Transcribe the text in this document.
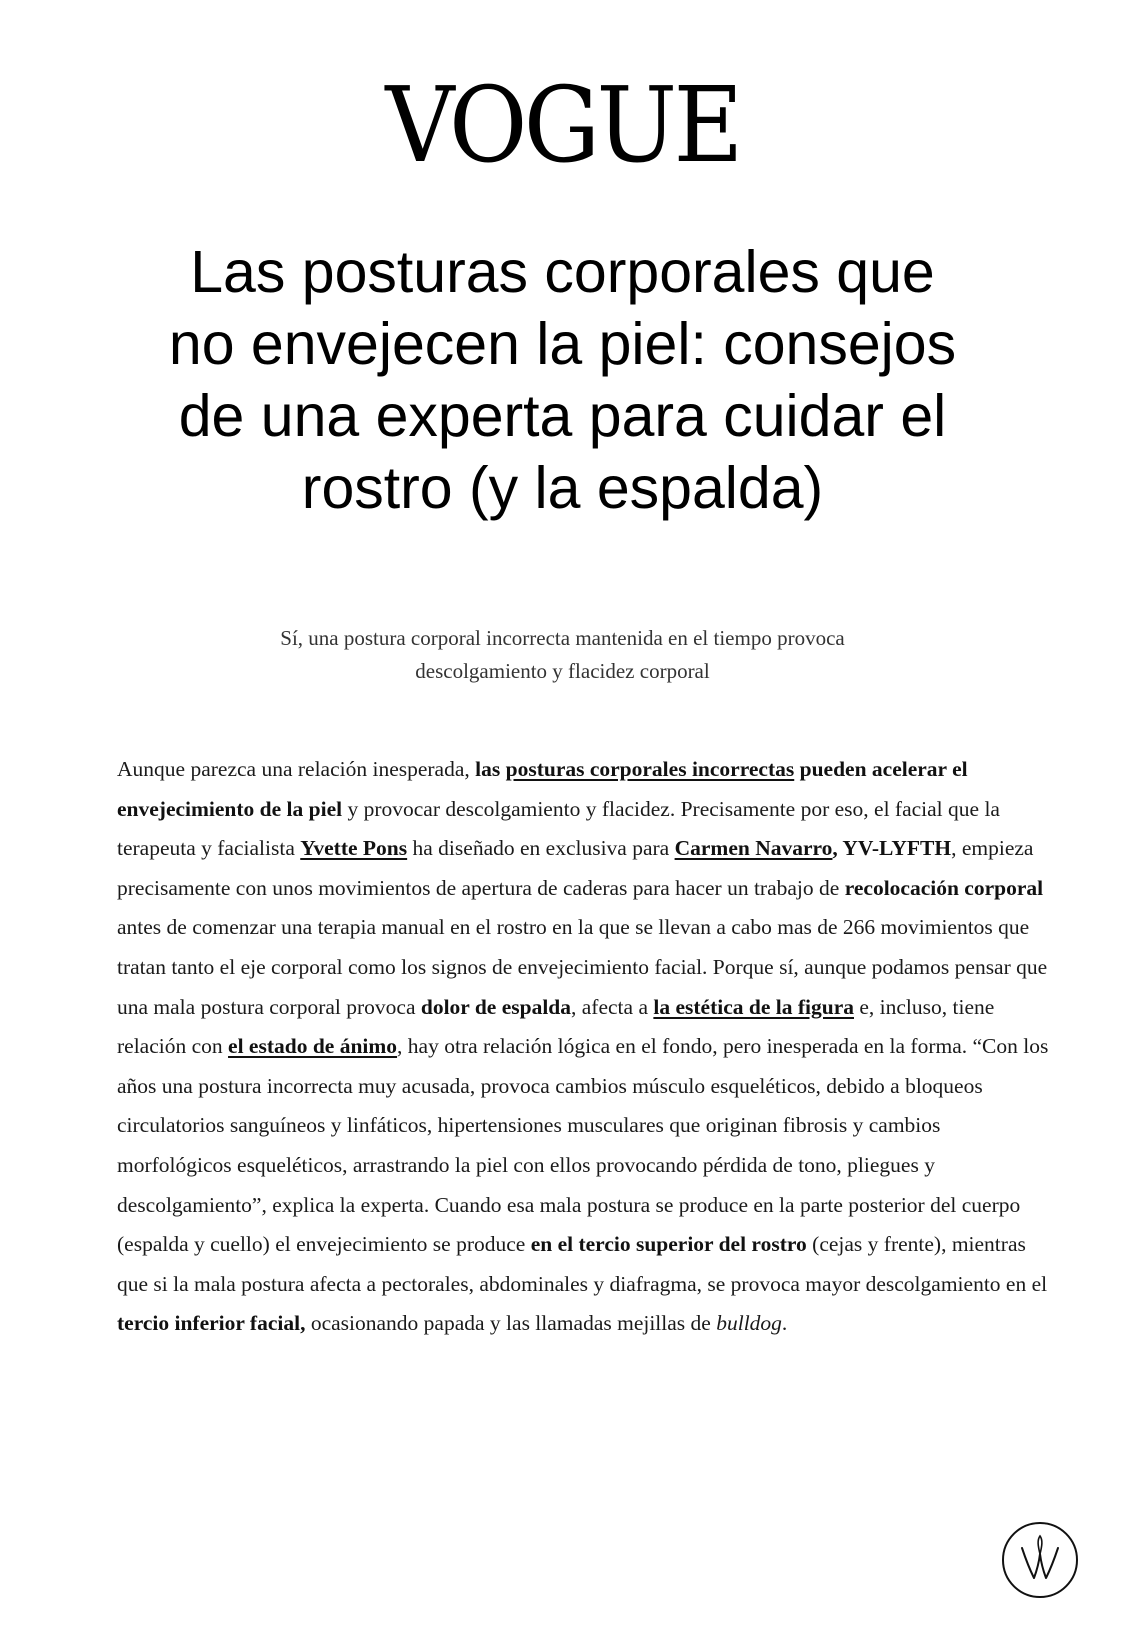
VOGUE
Las posturas corporales que no envejecen la piel: consejos de una experta para cuidar el rostro (y la espalda)

Sí, una postura corporal incorrecta mantenida en el tiempo provoca descolgamiento y flacidez corporal

Aunque parezca una relación inesperada, las posturas corporales incorrectas pueden acelerar el envejecimiento de la piel y provocar descolgamiento y flacidez. Precisamente por eso, el facial que la terapeuta y facialista Yvette Pons ha diseñado en exclusiva para Carmen Navarro, YV-LYFTH, empieza precisamente con unos movimientos de apertura de caderas para hacer un trabajo de recolocación corporal antes de comenzar una terapia manual en el rostro en la que se llevan a cabo mas de 266 movimientos que tratan tanto el eje corporal como los signos de envejecimiento facial. Porque sí, aunque podamos pensar que una mala postura corporal provoca dolor de espalda, afecta a la estética de la figura e, incluso, tiene relación con el estado de ánimo, hay otra relación lógica en el fondo, pero inesperada en la forma. “Con los años una postura incorrecta muy acusada, provoca cambios músculo esqueléticos, debido a bloqueos circulatorios sanguíneos y linfáticos, hipertensiones musculares que originan fibrosis y cambios morfológicos esqueléticos, arrastrando la piel con ellos provocando pérdida de tono, pliegues y descolgamiento”, explica la experta. Cuando esa mala postura se produce en la parte posterior del cuerpo (espalda y cuello) el envejecimiento se produce en el tercio superior del rostro (cejas y frente), mientras que si la mala postura afecta a pectorales, abdominales y diafragma, se provoca mayor descolgamiento en el tercio inferior facial, ocasionando papada y las llamadas mejillas de bulldog.
